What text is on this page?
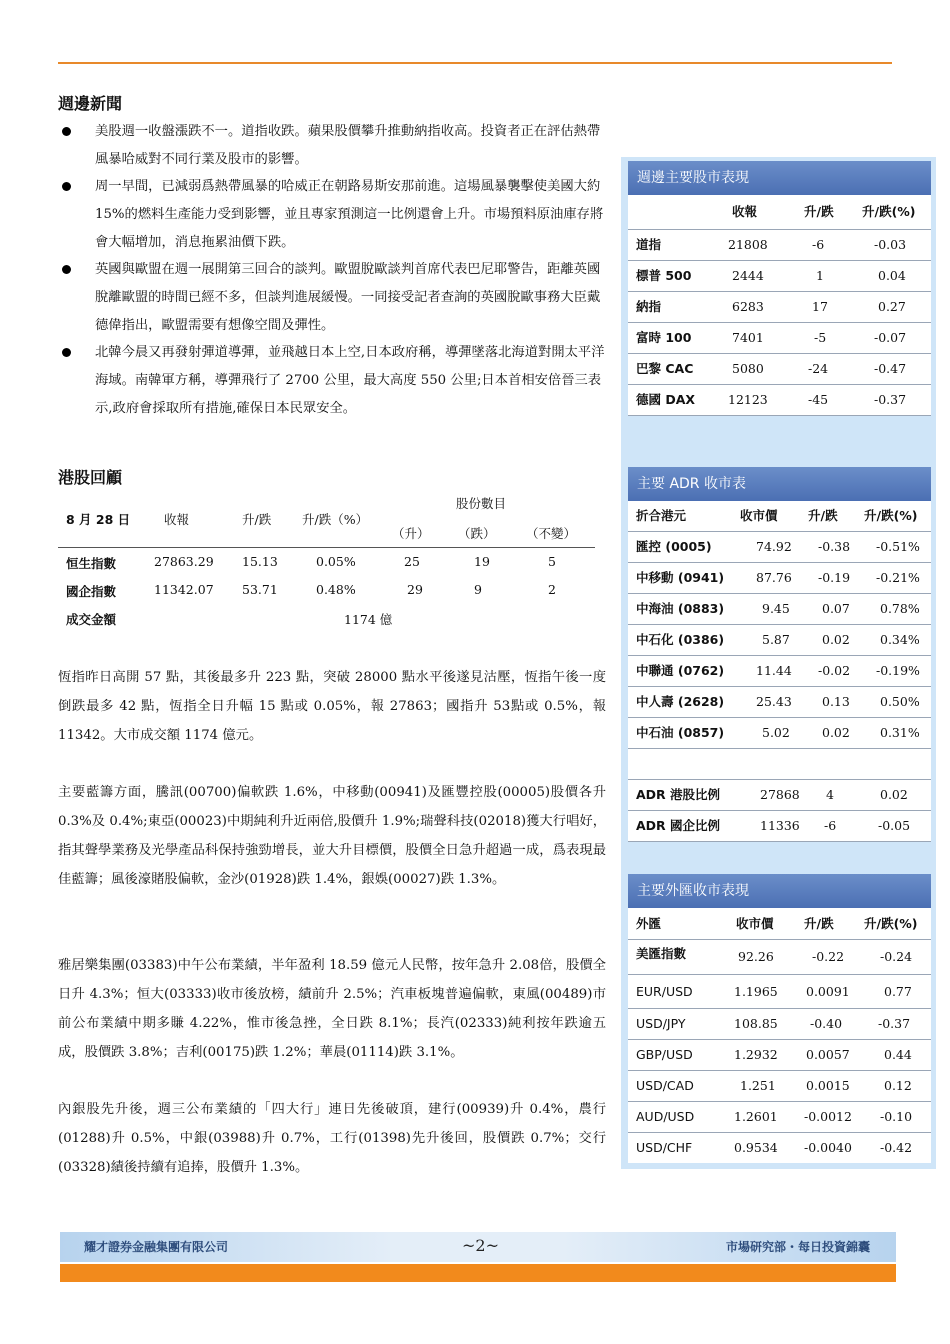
週邊新聞
美股週一收盤漲跌不一。道指收跌。蘋果股價攀升推動納指收高。投資者正在評估熱帶風暴哈威對不同行業及股市的影響。
周一早間，已減弱爲熱帶風暴的哈威正在朝路易斯安那前進。這場風暴襲擊使美國大約 15%的燃料生產能力受到影響，並且專家預測這一比例還會上升。市場預料原油庫存將會大幅增加，消息拖累油價下跌。
英國與歐盟在週一展開第三回合的談判。歐盟脫歐談判首席代表巴尼耶警告，距離英國脫離歐盟的時間已經不多，但談判進展緩慢。一同接受記者查詢的英國脫歐事務大臣戴德偉指出，歐盟需要有想像空間及彈性。
北韓今晨又再發射彈道導彈，並飛越日本上空,日本政府稱，導彈墜落北海道對開太平洋海域。南韓軍方稱，導彈飛行了 2700 公里，最大高度 550 公里;日本首相安倍晉三表示,政府會採取所有措施,確保日本民眾安全。
港股回顧
股份數目
8 月 28 日	收報	升/跌 升/跌（%）
（升） （跌） （不變）
恒生指數	27863.29 15.13	0.05%	25	19	5
國企指數	11342.07 53.71	0.48%	29	9	2
成交金額	1174 億

恆指昨日高開 57 點，其後最多升 223 點，突破 28000 點水平後遂見沽壓，恆指午後一度倒跌最多 42 點，恆指全日升幅 15 點或 0.05%，報 27863；國指升 53點或 0.5%，報 11342。大市成交額 1174 億元。

主要藍籌方面，騰訊(00700)偏軟跌 1.6%，中移動(00941)及匯豐控股(00005)股價各升 0.3%及 0.4%;東亞(00023)中期純利升近兩倍,股價升 1.9%;瑞聲科技(02018)獲大行唱好，指其聲學業務及光學產品科保持強勁增長，並大升目標價，股價全日急升超過一成，爲表現最佳藍籌；風後濠賭股偏軟，金沙(01928)跌 1.4%，銀娛(00027)跌 1.3%。

雅居樂集團(03383)中午公布業績，半年盈利 18.59 億元人民幣，按年急升 2.08倍，股價全日升 4.3%；恒大(03333)收市後放榜，績前升 2.5%；汽車板塊普遍偏軟，東風(00489)市前公布業績中期多賺 4.22%，惟市後急挫，全日跌 8.1%；長汽(02333)純利按年跌逾五成，股價跌 3.8%；吉利(00175)跌 1.2%；華晨(01114)跌 3.1%。

內銀股先升後，週三公布業績的「四大行」連日先後破頂，建行(00939)升 0.4%，農行(01288)升 0.5%，中銀(03988)升 0.7%，工行(01398)先升後回，股價跌 0.7%；交行(03328)績後持續有追捧，股價升 1.3%。

週邊主要股市表現
收報	升/跌 升/跌(%)
道指	21808	-6	-0.03
標普 500	2444	1	0.04
納指	6283	17	0.27
富時 100	7401	-5	-0.07
巴黎 CAC	5080	-24	-0.47
德國 DAX	12123	-45	-0.37
主要 ADR 收市表
折合港元	收市價 升/跌 升/跌(%)
匯控 (0005)	74.92 -0.38 -0.51%
中移動 (0941)	87.76 -0.19 -0.21%
中海油 (0883)	9.45	0.07 0.78%
中石化 (0386)	5.87	0.02 0.34%
中聯通 (0762)	11.44 -0.02 -0.19%
中人壽 (2628)	25.43 0.13 0.50%
中石油 (0857)	5.02	0.02 0.31%
ADR 港股比例	27868 4	0.02
ADR 國企比例	11336 -6	-0.05
主要外匯收市表現
外匯	收市價 升/跌 升/跌(%)
美匯指數	92.26	-0.22	-0.24
EUR/USD	1.1965 0.0091	0.77
USD/JPY	108.85	-0.40	-0.37
GBP/USD	1.2932 0.0057	0.44
USD/CAD	1.251 0.0015	0.12
AUD/USD	1.2601 -0.0012 -0.10
USD/CHF	0.9534 -0.0040 -0.42
耀才證券金融集團有限公司	~2~	市場研究部・每日投資錦囊
